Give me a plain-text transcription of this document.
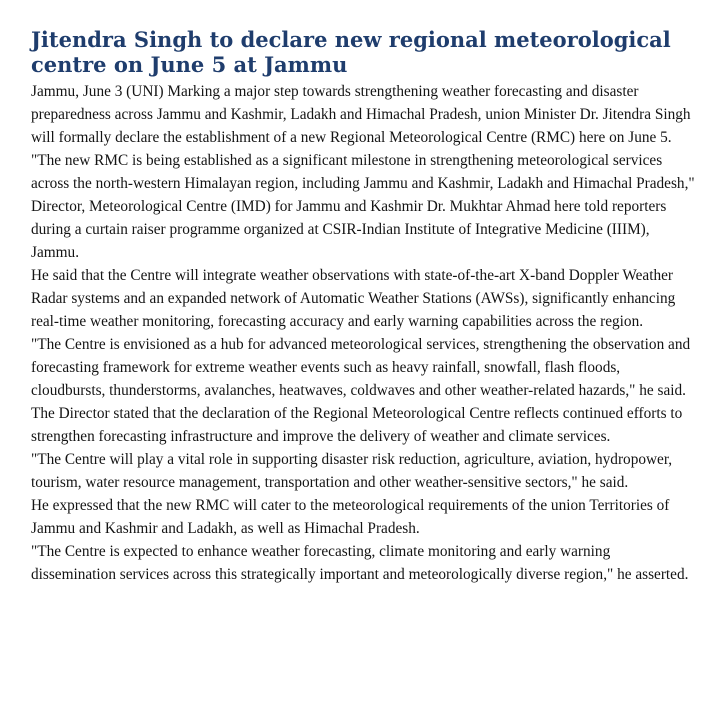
Jitendra Singh to declare new regional meteorological centre on June 5 at Jammu

Jammu, June 3 (UNI) Marking a major step towards strengthening weather forecasting and disaster preparedness across Jammu and Kashmir, Ladakh and Himachal Pradesh, union Minister Dr. Jitendra Singh will formally declare the establishment of a new Regional Meteorological Centre (RMC) here on June 5.

"The new RMC is being established as a significant milestone in strengthening meteorological services across the north-western Himalayan region, including Jammu and Kashmir, Ladakh and Himachal Pradesh," Director, Meteorological Centre (IMD) for Jammu and Kashmir Dr. Mukhtar Ahmad here told reporters during a curtain raiser programme organized at CSIR-Indian Institute of Integrative Medicine (IIIM), Jammu.

He said that the Centre will integrate weather observations with state-of-the-art X-band Doppler Weather Radar systems and an expanded network of Automatic Weather Stations (AWSs), significantly enhancing real-time weather monitoring, forecasting accuracy and early warning capabilities across the region.

"The Centre is envisioned as a hub for advanced meteorological services, strengthening the observation and forecasting framework for extreme weather events such as heavy rainfall, snowfall, flash floods, cloudbursts, thunderstorms, avalanches, heatwaves, coldwaves and other weather-related hazards," he said.

The Director stated that the declaration of the Regional Meteorological Centre reflects continued efforts to strengthen forecasting infrastructure and improve the delivery of weather and climate services.

"The Centre will play a vital role in supporting disaster risk reduction, agriculture, aviation, hydropower, tourism, water resource management, transportation and other weather-sensitive sectors," he said.

He expressed that the new RMC will cater to the meteorological requirements of the union Territories of Jammu and Kashmir and Ladakh, as well as Himachal Pradesh.

"The Centre is expected to enhance weather forecasting, climate monitoring and early warning dissemination services across this strategically important and meteorologically diverse region," he asserted.
